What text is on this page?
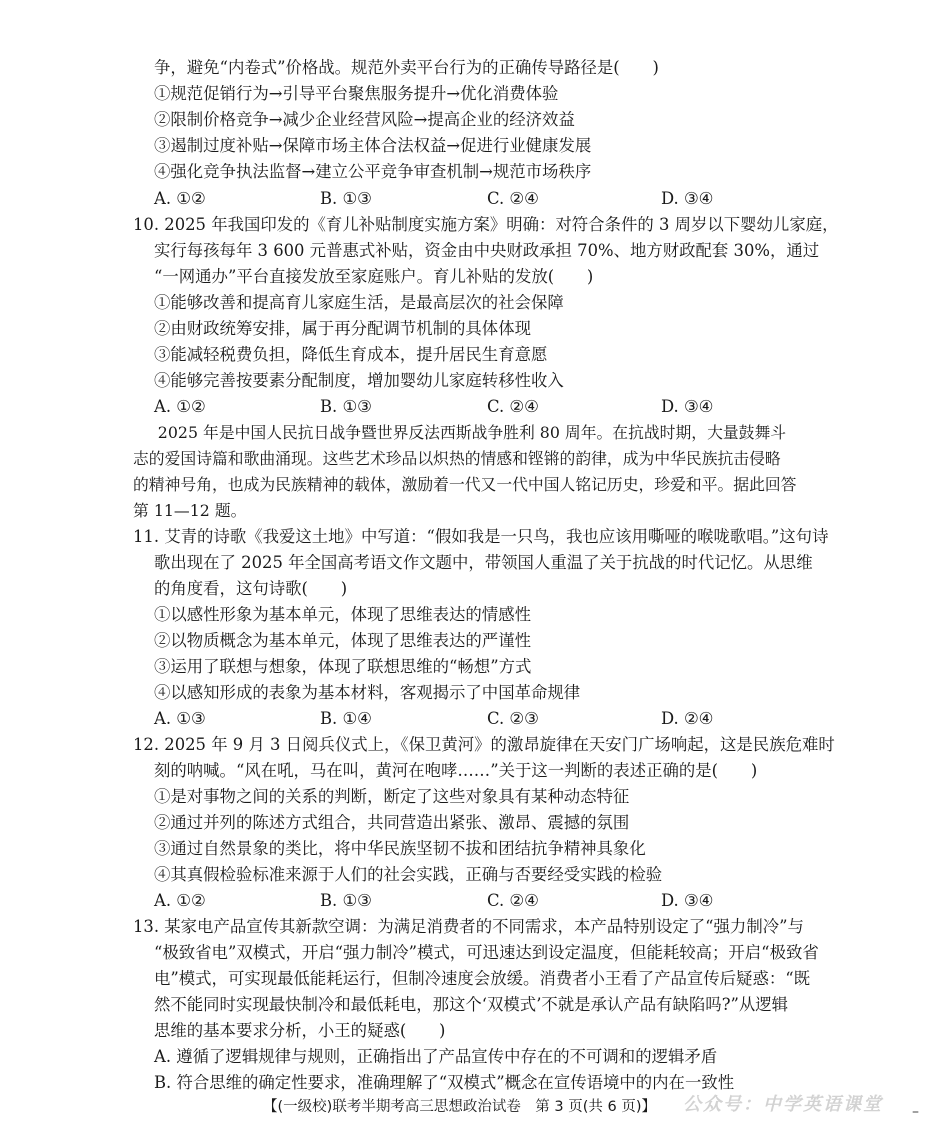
争，避免“内卷式”价格战。规范外卖平台行为的正确传导路径是(　　)
①规范促销行为→引导平台聚焦服务提升→优化消费体验
②限制价格竞争→减少企业经营风险→提高企业的经济效益
③遏制过度补贴→保障市场主体合法权益→促进行业健康发展
④强化竞争执法监督→建立公平竞争审查机制→规范市场秩序
A. ①②	B. ①③	C. ②④	D. ③④
10. 2025 年我国印发的《育儿补贴制度实施方案》明确：对符合条件的 3 周岁以下婴幼儿家庭，
实行每孩每年 3 600 元普惠式补贴，资金由中央财政承担 70%、地方财政配套 30%，通过
“一网通办”平台直接发放至家庭账户。育儿补贴的发放(　　)
①能够改善和提高育儿家庭生活，是最高层次的社会保障
②由财政统筹安排，属于再分配调节机制的具体体现
③能减轻税费负担，降低生育成本，提升居民生育意愿
④能够完善按要素分配制度，增加婴幼儿家庭转移性收入
A. ①②	B. ①③	C. ②④	D. ③④
　2025 年是中国人民抗日战争暨世界反法西斯战争胜利 80 周年。在抗战时期，大量鼓舞斗
志的爱国诗篇和歌曲涌现。这些艺术珍品以炽热的情感和铿锵的韵律，成为中华民族抗击侵略
的精神号角，也成为民族精神的载体，激励着一代又一代中国人铭记历史，珍爱和平。据此回答
第 11—12 题。
11. 艾青的诗歌《我爱这土地》中写道：“假如我是一只鸟，我也应该用嘶哑的喉咙歌唱。”这句诗
歌出现在了 2025 年全国高考语文作文题中，带领国人重温了关于抗战的时代记忆。从思维
的角度看，这句诗歌(　　)
①以感性形象为基本单元，体现了思维表达的情感性
②以物质概念为基本单元，体现了思维表达的严谨性
③运用了联想与想象，体现了联想思维的“畅想”方式
④以感知形成的表象为基本材料，客观揭示了中国革命规律
A. ①③	B. ①④	C. ②③	D. ②④
12. 2025 年 9 月 3 日阅兵仪式上，《保卫黄河》的激昂旋律在天安门广场响起，这是民族危难时
刻的呐喊。“风在吼，马在叫，黄河在咆哮……”关于这一判断的表述正确的是(　　)
①是对事物之间的关系的判断，断定了这些对象具有某种动态特征
②通过并列的陈述方式组合，共同营造出紧张、激昂、震撼的氛围
③通过自然景象的类比，将中华民族坚韧不拔和团结抗争精神具象化
④其真假检验标准来源于人们的社会实践，正确与否要经受实践的检验
A. ①②	B. ①③	C. ②④	D. ③④
13. 某家电产品宣传其新款空调：为满足消费者的不同需求，本产品特别设定了“强力制冷”与
“极致省电”双模式，开启“强力制冷”模式，可迅速达到设定温度，但能耗较高；开启“极致省
电”模式，可实现最低能耗运行，但制冷速度会放缓。消费者小王看了产品宣传后疑惑：“既
然不能同时实现最快制冷和最低耗电，那这个‘双模式’不就是承认产品有缺陷吗?”从逻辑
思维的基本要求分析，小王的疑惑(　　)
A. 遵循了逻辑规律与规则，正确指出了产品宣传中存在的不可调和的逻辑矛盾
B. 符合思维的确定性要求，准确理解了“双模式”概念在宣传语境中的内在一致性
【(一级校)联考半期考高三思想政治试卷　第 3 页(共 6 页)】 公众号：中学英语课堂 –
